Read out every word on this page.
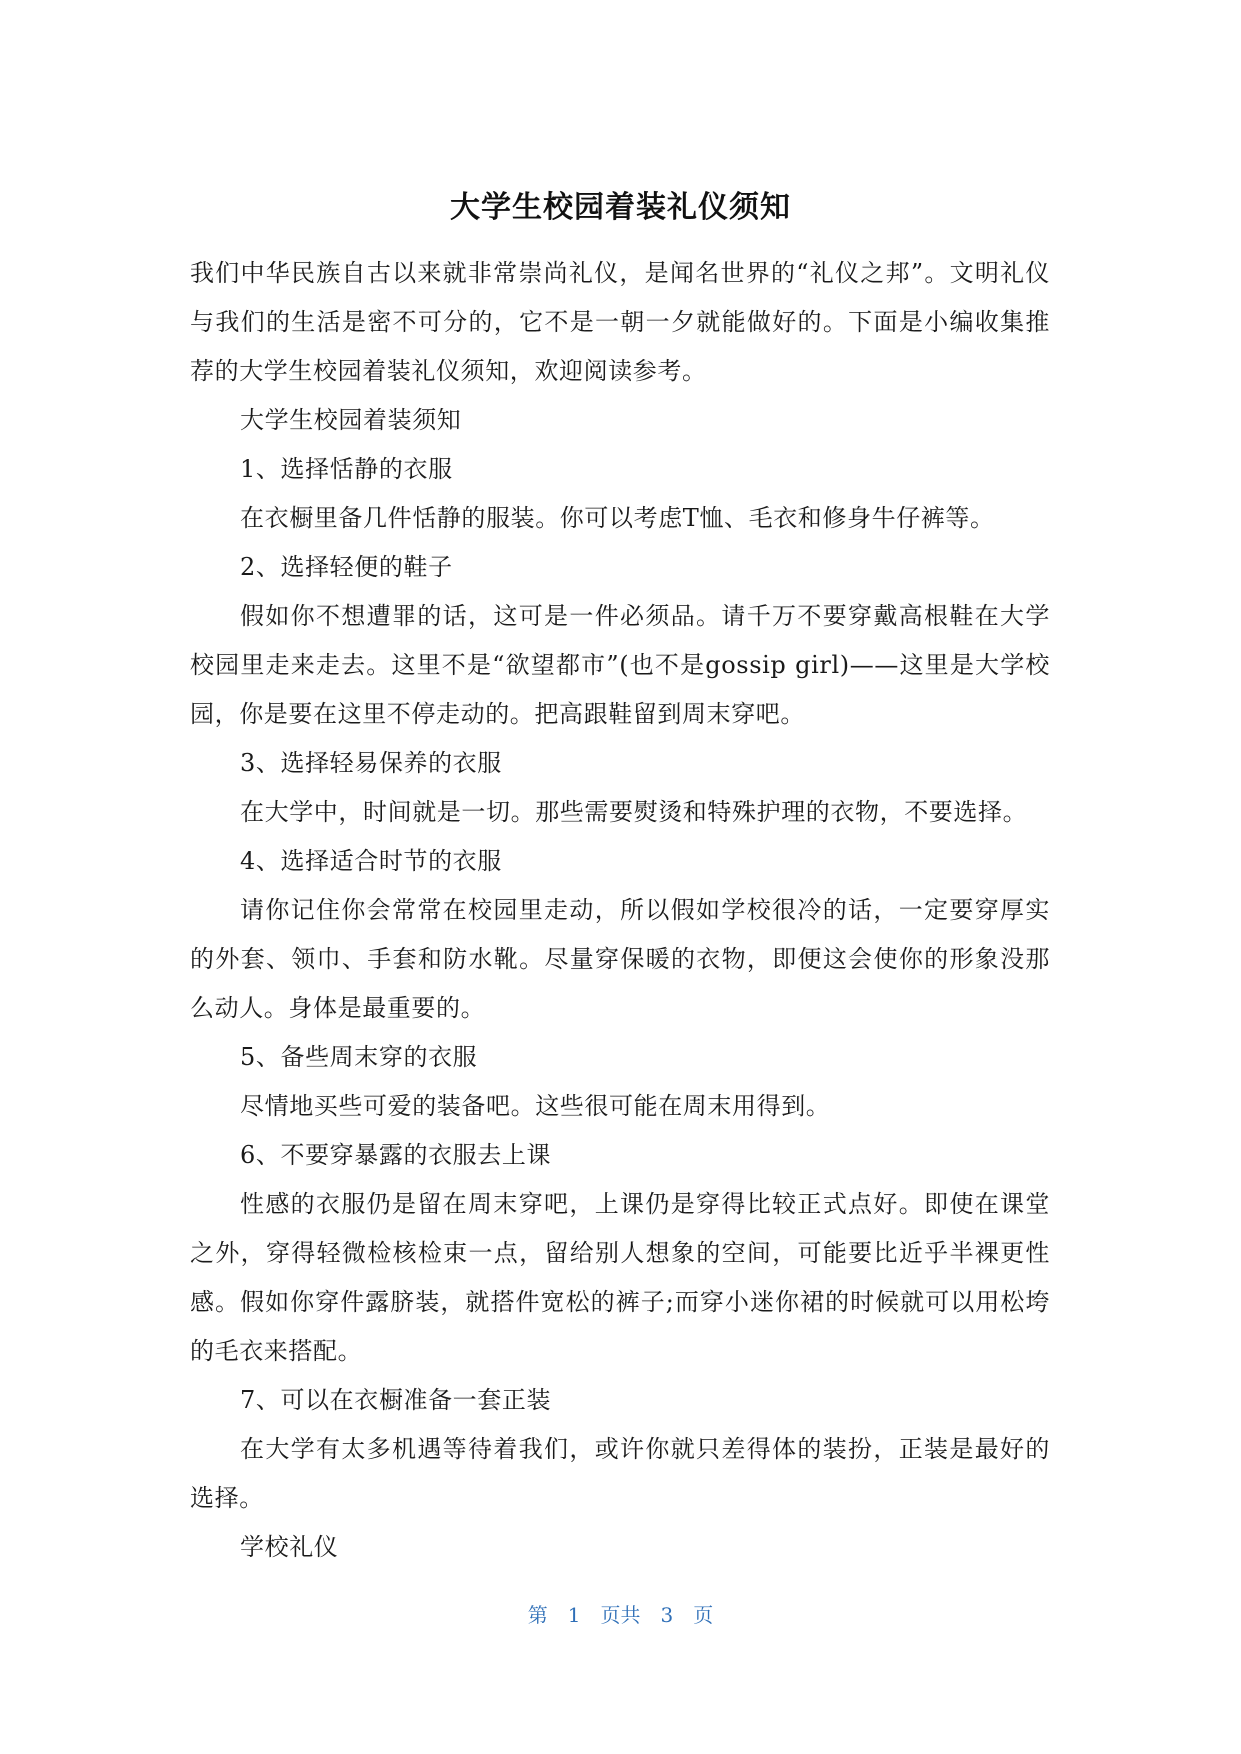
大学生校园着装礼仪须知

我们中华民族自古以来就非常崇尚礼仪，是闻名世界的“礼仪之邦”。文明礼仪与我们的生活是密不可分的，它不是一朝一夕就能做好的。下面是小编收集推荐的大学生校园着装礼仪须知，欢迎阅读参考。

大学生校园着装须知

1、选择恬静的衣服

在衣橱里备几件恬静的服装。你可以考虑T恤、毛衣和修身牛仔裤等。

2、选择轻便的鞋子

假如你不想遭罪的话，这可是一件必须品。请千万不要穿戴高根鞋在大学校园里走来走去。这里不是“欲望都市”(也不是gossip girl)——这里是大学校园，你是要在这里不停走动的。把高跟鞋留到周末穿吧。

3、选择轻易保养的衣服

在大学中，时间就是一切。那些需要熨烫和特殊护理的衣物，不要选择。

4、选择适合时节的衣服

请你记住你会常常在校园里走动，所以假如学校很冷的话，一定要穿厚实的外套、领巾、手套和防水靴。尽量穿保暖的衣物，即便这会使你的形象没那么动人。身体是最重要的。

5、备些周末穿的衣服

尽情地买些可爱的装备吧。这些很可能在周末用得到。

6、不要穿暴露的衣服去上课

性感的衣服仍是留在周末穿吧，上课仍是穿得比较正式点好。即使在课堂之外，穿得轻微检核检束一点，留给别人想象的空间，可能要比近乎半裸更性感。假如你穿件露脐装，就搭件宽松的裤子;而穿小迷你裙的时候就可以用松垮的毛衣来搭配。

7、可以在衣橱准备一套正装

在大学有太多机遇等待着我们，或许你就只差得体的装扮，正装是最好的选择。

学校礼仪

第 1 页共 3 页
